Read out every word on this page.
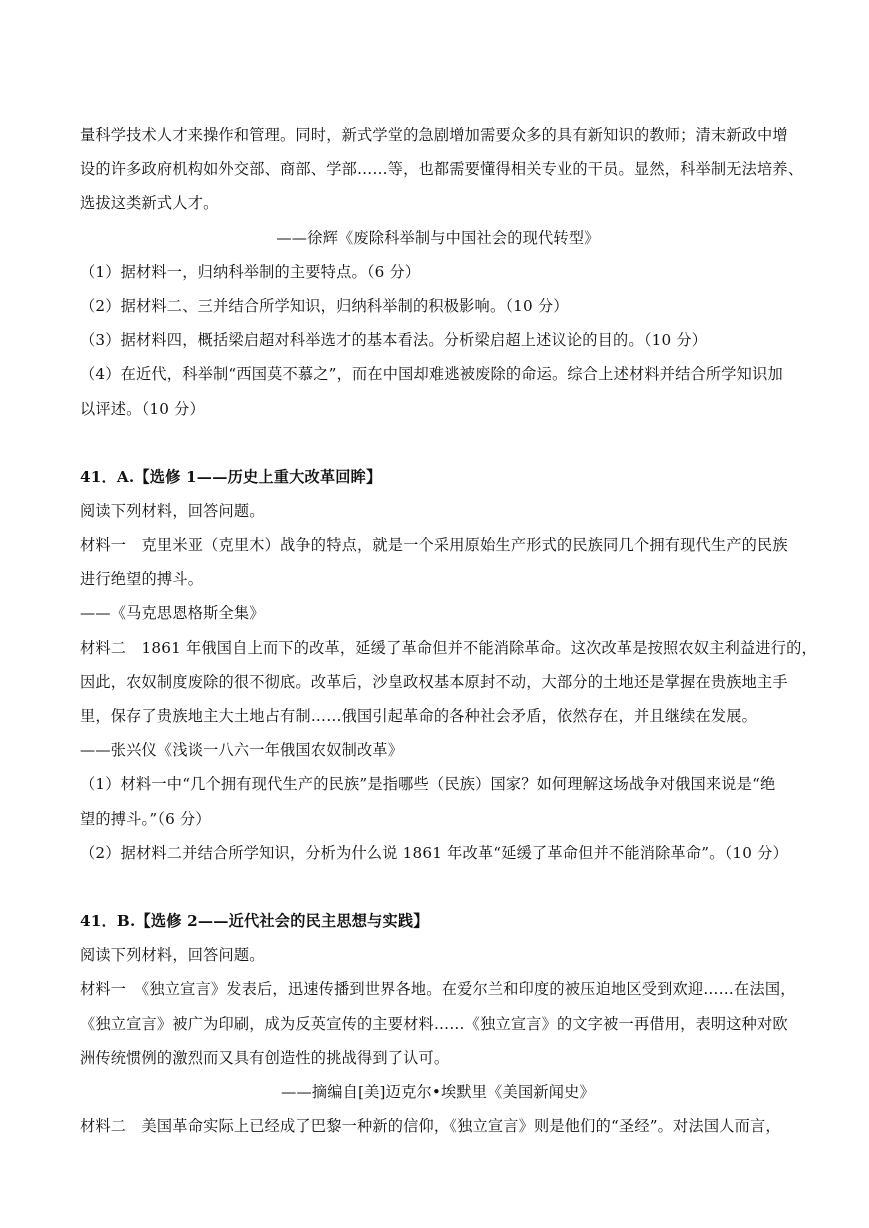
量科学技术人才来操作和管理。同时，新式学堂的急剧增加需要众多的具有新知识的教师；清末新政中增
设的许多政府机构如外交部、商部、学部……等，也都需要懂得相关专业的干员。显然，科举制无法培养、
选拔这类新式人才。
——徐辉《废除科举制与中国社会的现代转型》
（1）据材料一，归纳科举制的主要特点。（6 分）
（2）据材料二、三并结合所学知识，归纳科举制的积极影响。（10 分）
（3）据材料四，概括梁启超对科举选才的基本看法。分析梁启超上述议论的目的。（10 分）
（4）在近代，科举制“西国莫不慕之”，而在中国却难逃被废除的命运。综合上述材料并结合所学知识加
以评述。（10 分）
41．A.【选修 1——历史上重大改革回眸】
阅读下列材料，回答问题。
材料一　克里米亚（克里木）战争的特点，就是一个采用原始生产形式的民族同几个拥有现代生产的民族
进行绝望的搏斗。
——《马克思恩格斯全集》
材料二　1861 年俄国自上而下的改革，延缓了革命但并不能消除革命。这次改革是按照农奴主利益进行的，
因此，农奴制度废除的很不彻底。改革后，沙皇政权基本原封不动，大部分的土地还是掌握在贵族地主手
里，保存了贵族地主大土地占有制……俄国引起革命的各种社会矛盾，依然存在，并且继续在发展。
——张兴仪《浅谈一八六一年俄国农奴制改革》
（1）材料一中“几个拥有现代生产的民族”是指哪些（民族）国家？如何理解这场战争对俄国来说是“绝
望的搏斗。”（6 分）
（2）据材料二并结合所学知识，分析为什么说 1861 年改革“延缓了革命但并不能消除革命”。（10 分）
41．B.【选修 2——近代社会的民主思想与实践】
阅读下列材料，回答问题。
材料一　《独立宣言》发表后，迅速传播到世界各地。在爱尔兰和印度的被压迫地区受到欢迎……在法国，
《独立宣言》被广为印刷，成为反英宣传的主要材料……《独立宣言》的文字被一再借用，表明这种对欧
洲传统惯例的激烈而又具有创造性的挑战得到了认可。
——摘编自[美]迈克尔•埃默里《美国新闻史》
材料二　美国革命实际上已经成了巴黎一种新的信仰，《独立宣言》则是他们的“圣经”。对法国人而言，
